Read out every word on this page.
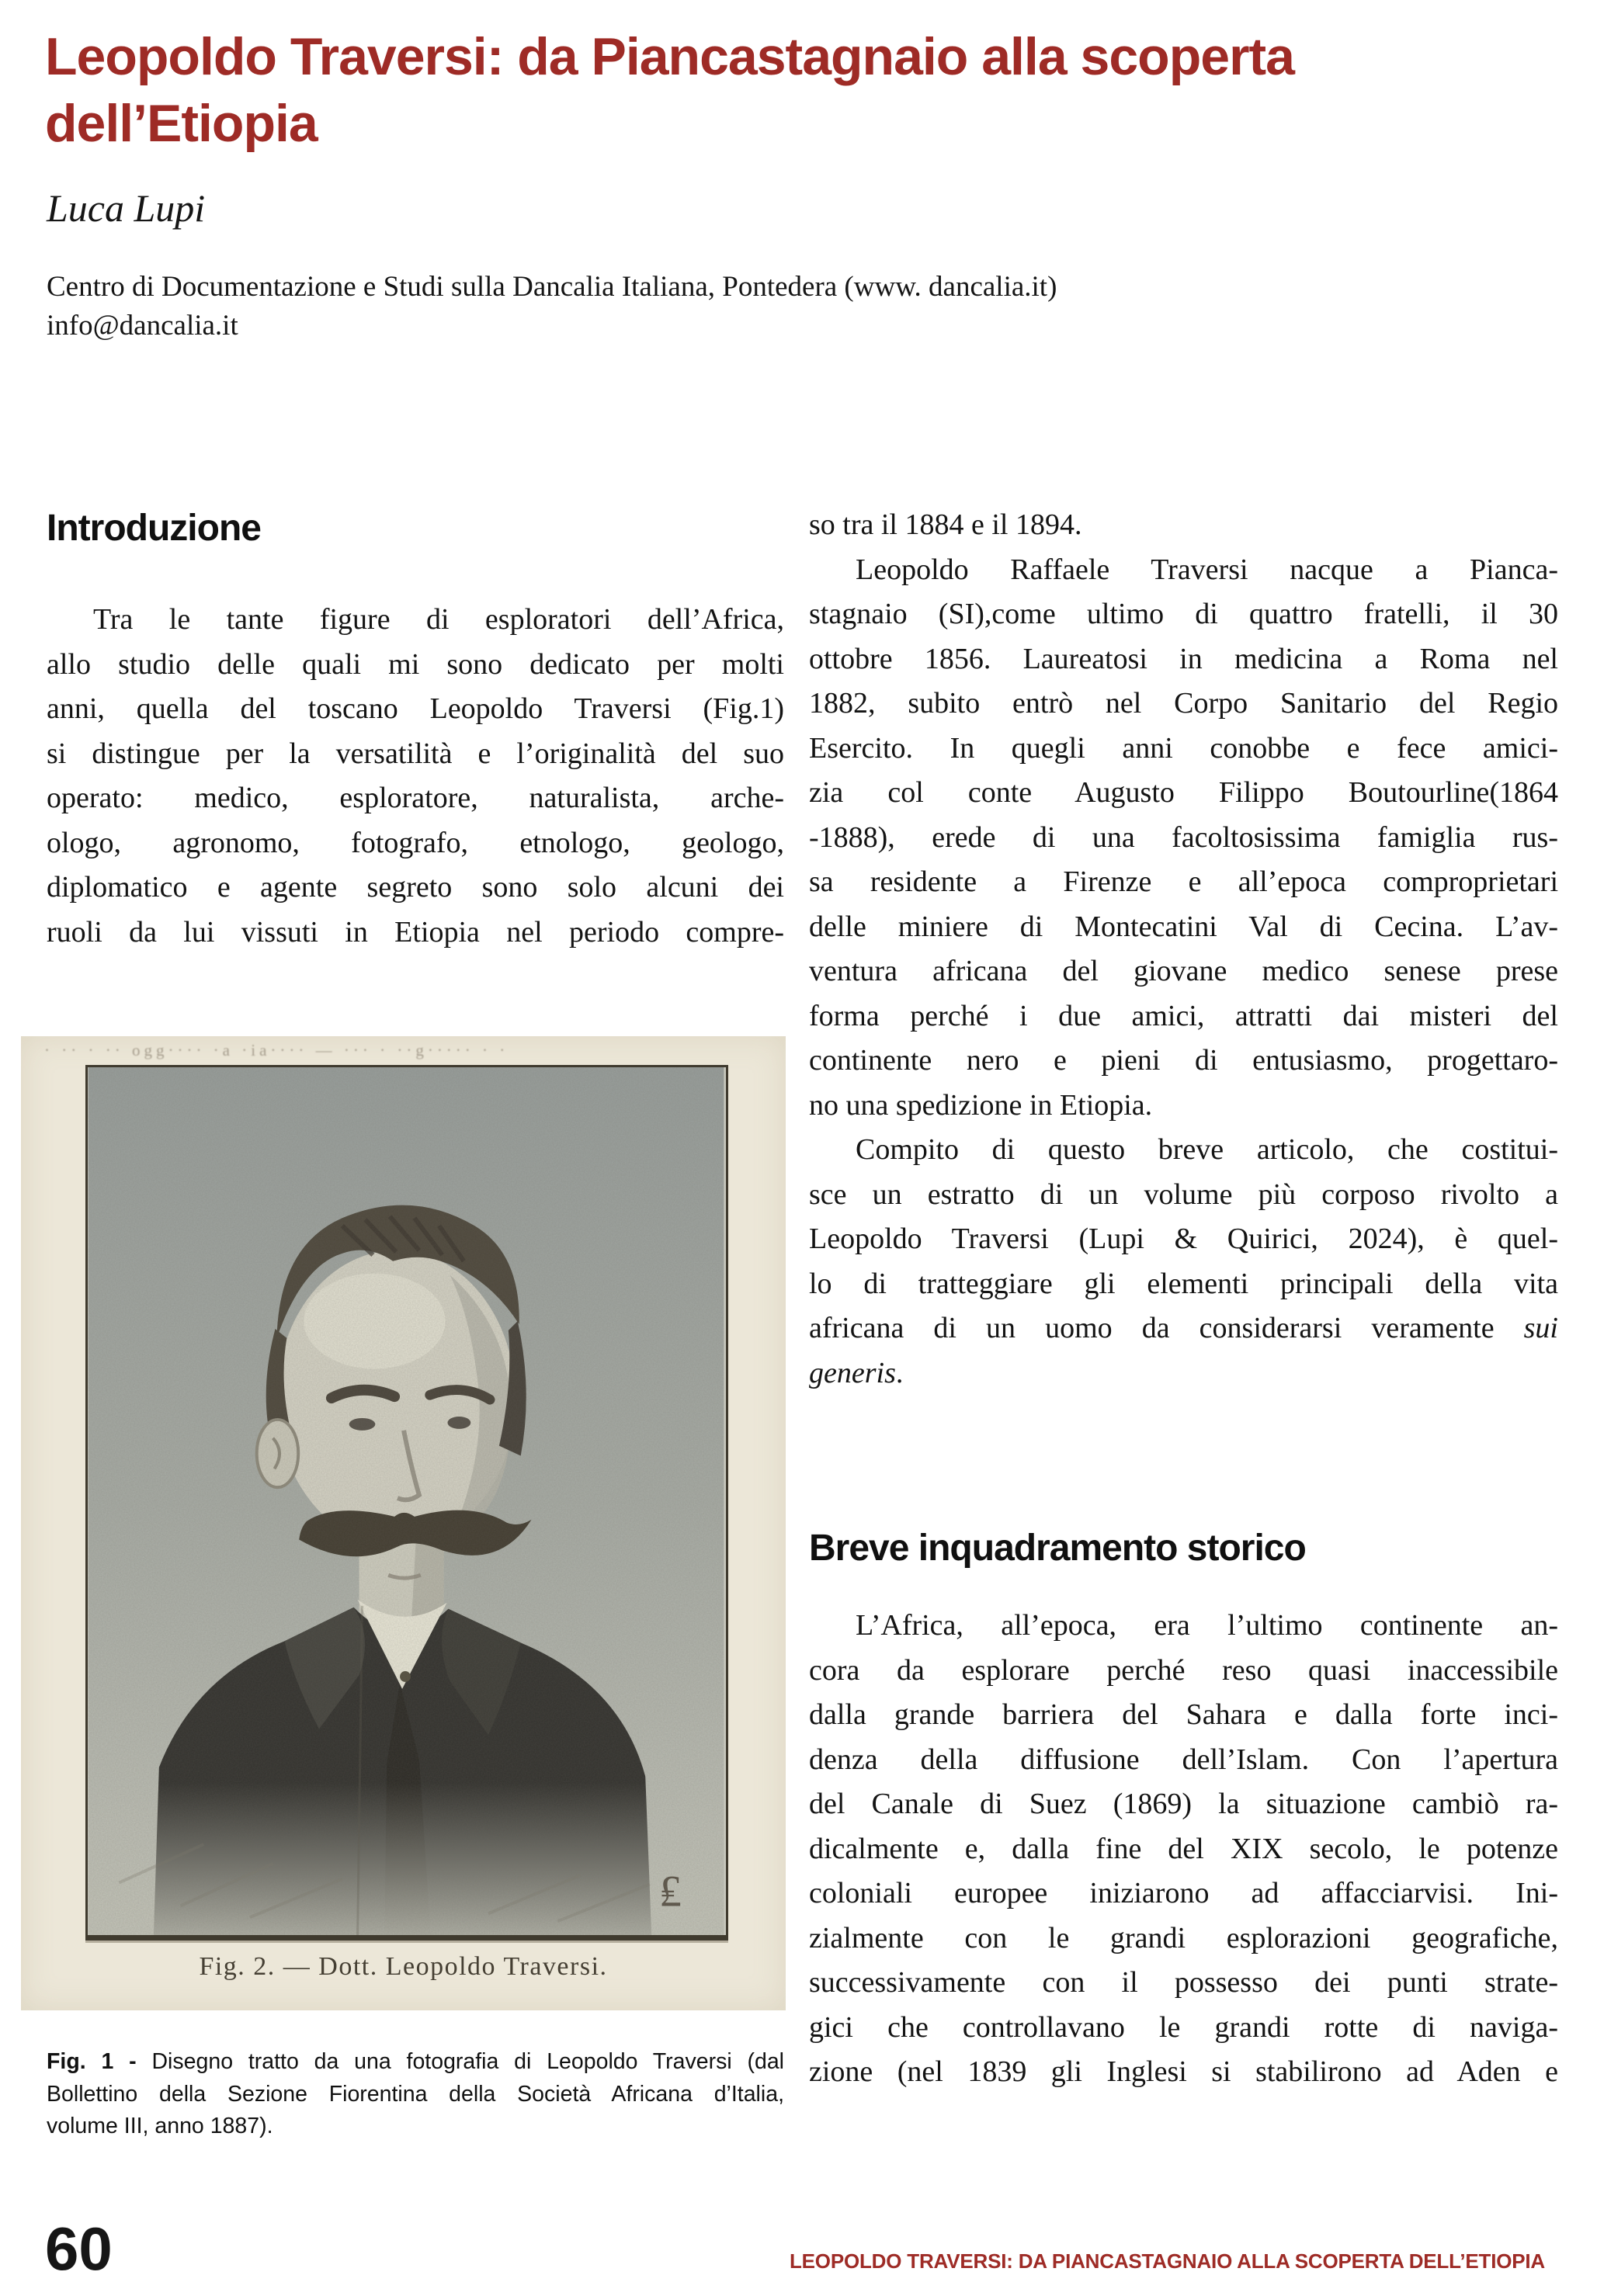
Leopoldo Traversi: da Piancastagnaio alla scoperta
dell’Etiopia
Luca Lupi
Centro di Documentazione e Studi sulla Dancalia Italiana, Pontedera (www. dancalia.it)
info@dancalia.it
Introduzione
Tra le tante figure di esploratori dell’Africa,
allo studio delle quali mi sono dedicato per molti
anni, quella del toscano Leopoldo Traversi (Fig.1)
si distingue per la versatilità e l’originalità del suo
operato: medico, esploratore, naturalista, arche-
ologo, agronomo, fotografo, etnologo, geologo,
diplomatico e agente segreto sono solo alcuni dei
ruoli da lui vissuti in Etiopia nel periodo compre-
so tra il 1884 e il 1894.
Leopoldo Raffaele Traversi nacque a Pianca-
stagnaio (SI),come ultimo di quattro fratelli, il 30
ottobre 1856. Laureatosi in medicina a Roma nel
1882, subito entrò nel Corpo Sanitario del Regio
Esercito. In quegli anni conobbe e fece amici-
zia col conte Augusto Filippo Boutourline(1864
-1888), erede di una facoltosissima famiglia rus-
sa residente a Firenze e all’epoca comproprietari
delle miniere di Montecatini Val di Cecina. L’av-
ventura africana del giovane medico senese prese
forma perché i due amici, attratti dai misteri del
continente nero e pieni di entusiasmo, progettaro-
no una spedizione in Etiopia.
Compito di questo breve articolo, che costitui-
sce un estratto di un volume più corposo rivolto a
Leopoldo Traversi (Lupi & Quirici, 2024), è quel-
lo di tratteggiare gli elementi principali della vita
africana di un uomo da considerarsi veramente sui
generis.
Breve inquadramento storico
L’Africa, all’epoca, era l’ultimo continente an-
cora da esplorare perché reso quasi inaccessibile
dalla grande barriera del Sahara e dalla forte inci-
denza della diffusione dell’Islam. Con l’apertura
del Canale di Suez (1869) la situazione cambiò ra-
dicalmente e, dalla fine del XIX secolo, le potenze
coloniali europee iniziarono ad affacciarvisi. Ini-
zialmente con le grandi esplorazioni geografiche,
successivamente con il possesso dei punti strate-
gici che controllavano le grandi rotte di naviga-
zione (nel 1839 gli Inglesi si stabilirono ad Aden e
· ·· · ·· ogg···· ·a ·ia···· — ··· · ··g····· · ·
₤
Fig. 2. — Dott. Leopoldo Traversi.
Fig. 1 - Disegno tratto da una fotografia di Leopoldo Traversi (dal
Bollettino della Sezione Fiorentina della Società Africana d’Italia,
volume III, anno 1887).
60	LEOPOLDO TRAVERSI: DA PIANCASTAGNAIO ALLA SCOPERTA DELL’ETIOPIA
